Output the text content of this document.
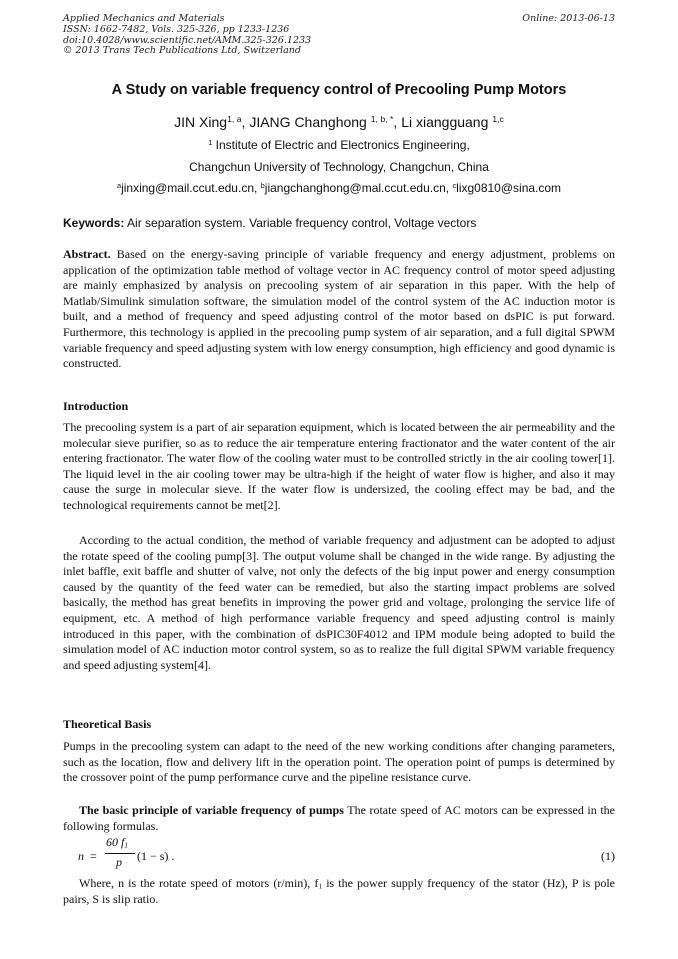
Applied Mechanics and Materials
ISSN: 1662-7482, Vols. 325-326, pp 1233-1236
doi:10.4028/www.scientific.net/AMM.325-326.1233
© 2013 Trans Tech Publications Ltd, Switzerland
Online: 2013-06-13
A Study on variable frequency control of Precooling Pump Motors
JIN Xing$^{1, a}$, JIANG Changhong $^{1, b, *}$, Li xiangguang $^{1,c}$
$^1$ Institute of Electric and Electronics Engineering,
Changchun University of Technology, Changchun, China
$^a$jinxing@mail.ccut.edu.cn, $^b$jiangchanghong@mal.ccut.edu.cn, $^c$lixg0810@sina.com
Keywords: Air separation system. Variable frequency control, Voltage vectors
Abstract. Based on the energy-saving principle of variable frequency and energy adjustment, problems on application of the optimization table method of voltage vector in AC frequency control of motor speed adjusting are mainly emphasized by analysis on precooling system of air separation in this paper. With the help of Matlab/Simulink simulation software, the simulation model of the control system of the AC induction motor is built, and a method of frequency and speed adjusting control of the motor based on dsPIC is put forward. Furthermore, this technology is applied in the precooling pump system of air separation, and a full digital SPWM variable frequency and speed adjusting system with low energy consumption, high efficiency and good dynamic is constructed.
Introduction
The precooling system is a part of air separation equipment, which is located between the air permeability and the molecular sieve purifier, so as to reduce the air temperature entering fractionator and the water content of the air entering fractionator. The water flow of the cooling water must to be controlled strictly in the air cooling tower[1]. The liquid level in the air cooling tower may be ultra-high if the height of water flow is higher, and also it may cause the surge in molecular sieve. If the water flow is undersized, the cooling effect may be bad, and the technological requirements cannot be met[2].
According to the actual condition, the method of variable frequency and adjustment can be adopted to adjust the rotate speed of the cooling pump[3]. The output volume shall be changed in the wide range. By adjusting the inlet baffle, exit baffle and shutter of valve, not only the defects of the big input power and energy consumption caused by the quantity of the feed water can be remedied, but also the starting impact problems are solved basically, the method has great benefits in improving the power grid and voltage, prolonging the service life of equipment, etc. A method of high performance variable frequency and speed adjusting control is mainly introduced in this paper, with the combination of dsPIC30F4012 and IPM module being adopted to build the simulation model of AC induction motor control system, so as to realize the full digital SPWM variable frequency and speed adjusting system[4].
Theoretical Basis
Pumps in the precooling system can adapt to the need of the new working conditions after changing parameters, such as the location, flow and delivery lift in the operation point. The operation point of pumps is determined by the crossover point of the pump performance curve and the pipeline resistance curve.
The basic principle of variable frequency of pumps The rotate speed of AC motors can be expressed in the following formulas.
n =
60 $f_1$
p (1 − s) .	(1)
Where, n is the rotate speed of motors (r/min), $f_1$ is the power supply frequency of the stator (Hz), P is pole pairs, S is slip ratio.
